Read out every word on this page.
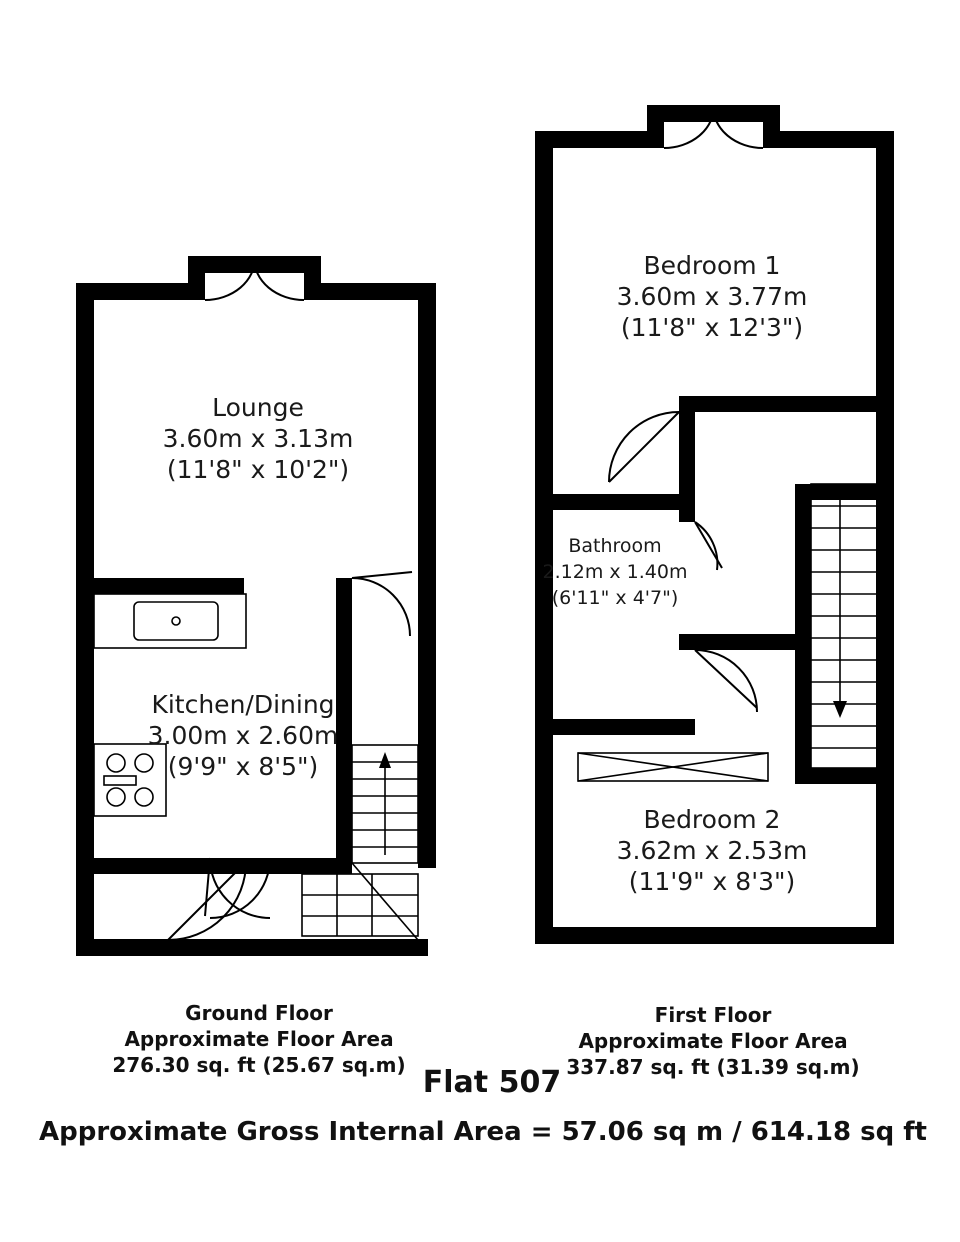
Lounge
3.60m x 3.13m
(11'8" x 10'2")
Kitchen/Dining
3.00m x 2.60m
(9'9" x 8'5")
Ground Floor
Approximate Floor Area
276.30 sq. ft (25.67 sq.m)
Bedroom 1
3.60m x 3.77m
(11'8" x 12'3")
Bathroom
2.12m x 1.40m
(6'11" x 4'7")
Bedroom 2
3.62m x 2.53m
(11'9" x 8'3")
First Floor
Approximate Floor Area
337.87 sq. ft (31.39 sq.m)
Flat 507
Approximate Gross Internal Area = 57.06 sq m / 614.18 sq ft
